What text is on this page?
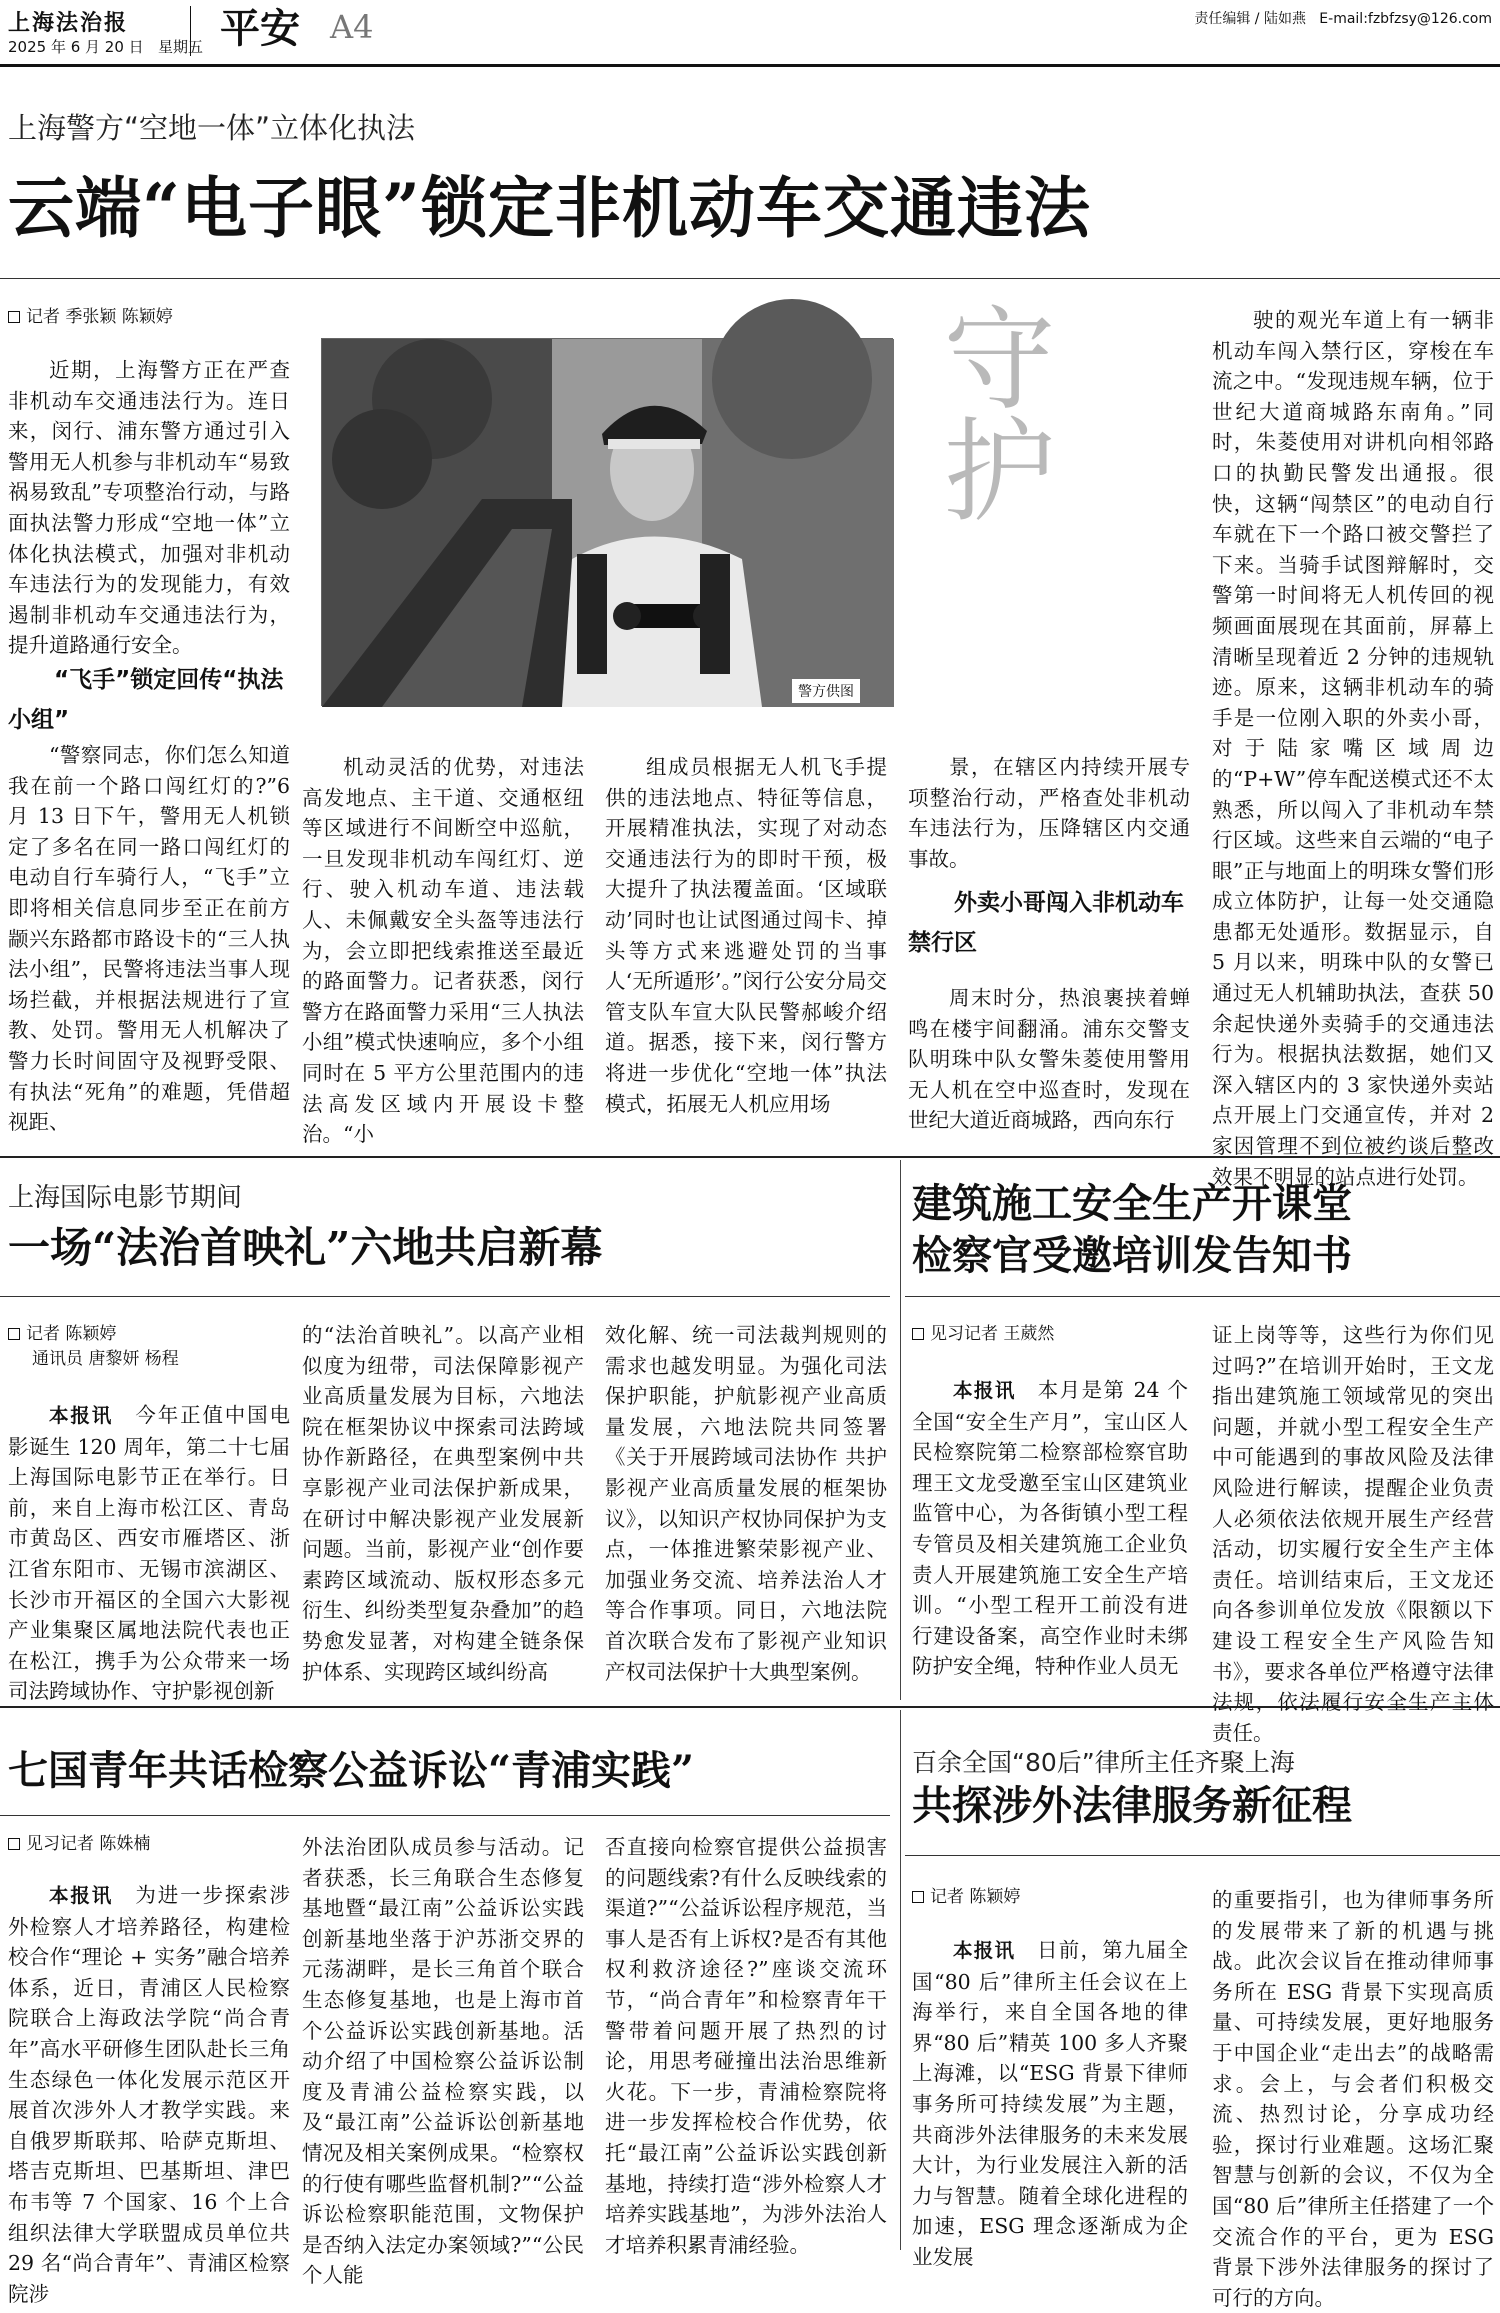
上海法治报
2025 年 6 月 20 日   星期五 平安 A4	责任编辑 / 陆如燕   E-mail:fzbfzsy@126.com
上海警方“空地一体”立体化执法
云端“电子眼”锁定非机动车交通违法
记者 季张颖 陈颖婷

近期，上海警方正在严查非机动车交通违法行为。连日来，闵行、浦东警方通过引入警用无人机参与非机动车“易致祸易致乱”专项整治行动，与路面执法警力形成“空地一体”立体化执法模式，加强对非机动车违法行为的发现能力，有效遏制非机动车交通违法行为，提升道路通行安全。

“飞手”锁定回传“执法小组”
警方供图
守护

“警察同志，你们怎么知道我在前一个路口闯红灯的?”6 月 13 日下午，警用无人机锁定了多名在同一路口闯红灯的电动自行车骑行人，“飞手”立即将相关信息同步至正在前方颛兴东路都市路设卡的“三人执法小组”，民警将违法当事人现场拦截，并根据法规进行了宣教、处罚。警用无人机解决了警力长时间固守及视野受限、有执法“死角”的难题，凭借超视距、

机动灵活的优势，对违法高发地点、主干道、交通枢纽等区域进行不间断空中巡航，一旦发现非机动车闯红灯、逆行、驶入机动车道、违法载人、未佩戴安全头盔等违法行为，会立即把线索推送至最近的路面警力。记者获悉，闵行警方在路面警力采用“三人执法小组”模式快速响应，多个小组同时在 5 平方公里范围内的违法高发区域内开展设卡整治。“小

组成员根据无人机飞手提供的违法地点、特征等信息，开展精准执法，实现了对动态交通违法行为的即时干预，极大提升了执法覆盖面。‘区域联动’同时也让试图通过闯卡、掉头等方式来逃避处罚的当事人‘无所遁形’。”闵行公安分局交管支队车宣大队民警郝峻介绍道。据悉，接下来，闵行警方将进一步优化“空地一体”执法模式，拓展无人机应用场

景，在辖区内持续开展专项整治行动，严格查处非机动车违法行为，压降辖区内交通事故。

外卖小哥闯入非机动车禁行区

周末时分，热浪裹挟着蝉鸣在楼宇间翻涌。浦东交警支队明珠中队女警朱菱使用警用无人机在空中巡查时，发现在世纪大道近商城路，西向东行

驶的观光车道上有一辆非机动车闯入禁行区，穿梭在车流之中。“发现违规车辆，位于世纪大道商城路东南角。”同时，朱菱使用对讲机向相邻路口的执勤民警发出通报。很快，这辆“闯禁区”的电动自行车就在下一个路口被交警拦了下来。当骑手试图辩解时，交警第一时间将无人机传回的视频画面展现在其面前，屏幕上清晰呈现着近 2 分钟的违规轨迹。原来，这辆非机动车的骑手是一位刚入职的外卖小哥，对于陆家嘴区域周边的“P+W”停车配送模式还不太熟悉，所以闯入了非机动车禁行区域。这些来自云端的“电子眼”正与地面上的明珠女警们形成立体防护，让每一处交通隐患都无处遁形。数据显示，自 5 月以来，明珠中队的女警已通过无人机辅助执法，查获 50 余起快递外卖骑手的交通违法行为。根据执法数据，她们又深入辖区内的 3 家快递外卖站点开展上门交通宣传，并对 2 家因管理不到位被约谈后整改效果不明显的站点进行处罚。

上海国际电影节期间
一场“法治首映礼”六地共启新幕
记者 陈颖婷
通讯员 唐黎妍 杨程

本报讯　 今年正值中国电影诞生 120 周年，第二十七届上海国际电影节正在举行。日前，来自上海市松江区、青岛市黄岛区、西安市雁塔区、浙江省东阳市、无锡市滨湖区、长沙市开福区的全国六大影视产业集聚区属地法院代表也正在松江，携手为公众带来一场司法跨域协作、守护影视创新

的“法治首映礼”。以高产业相似度为纽带，司法保障影视产业高质量发展为目标，六地法院在框架协议中探索司法跨域协作新路径，在典型案例中共享影视产业司法保护新成果，在研讨中解决影视产业发展新问题。当前，影视产业“创作要素跨区域流动、版权形态多元衍生、纠纷类型复杂叠加”的趋势愈发显著，对构建全链条保护体系、实现跨区域纠纷高

效化解、统一司法裁判规则的需求也越发明显。为强化司法保护职能，护航影视产业高质量发展，六地法院共同签署《关于开展跨域司法协作 共护影视产业高质量发展的框架协议》，以知识产权协同保护为支点，一体推进繁荣影视产业、加强业务交流、培养法治人才等合作事项。同日，六地法院首次联合发布了影视产业知识产权司法保护十大典型案例。

建筑施工安全生产开课堂
检察官受邀培训发告知书
见习记者 王葳然

本报讯　 本月是第 24 个全国“安全生产月”，宝山区人民检察院第二检察部检察官助理王文龙受邀至宝山区建筑业监管中心，为各街镇小型工程专管员及相关建筑施工企业负责人开展建筑施工安全生产培训。“小型工程开工前没有进行建设备案，高空作业时未绑防护安全绳，特种作业人员无

证上岗等等，这些行为你们见过吗?”在培训开始时，王文龙指出建筑施工领域常见的突出问题，并就小型工程安全生产中可能遇到的事故风险及法律风险进行解读，提醒企业负责人必须依法依规开展生产经营活动，切实履行安全生产主体责任。培训结束后，王文龙还向各参训单位发放《限额以下建设工程安全生产风险告知书》，要求各单位严格遵守法律法规，依法履行安全生产主体责任。

七国青年共话检察公益诉讼“青浦实践”
见习记者 陈姝楠

本报讯　 为进一步探索涉外检察人才培养路径，构建检校合作“理论 + 实务”融合培养体系，近日，青浦区人民检察院联合上海政法学院“尚合青年”高水平研修生团队赴长三角生态绿色一体化发展示范区开展首次涉外人才教学实践。来自俄罗斯联邦、哈萨克斯坦、塔吉克斯坦、巴基斯坦、津巴布韦等 7 个国家、16 个上合组织法律大学联盟成员单位共 29 名“尚合青年”、青浦区检察院涉

外法治团队成员参与活动。记者获悉，长三角联合生态修复基地暨“最江南”公益诉讼实践创新基地坐落于沪苏浙交界的元荡湖畔，是长三角首个联合生态修复基地，也是上海市首个公益诉讼实践创新基地。活动介绍了中国检察公益诉讼制度及青浦公益检察实践，以及“最江南”公益诉讼创新基地情况及相关案例成果。“检察权的行使有哪些监督机制?”“公益诉讼检察职能范围，文物保护是否纳入法定办案领域?”“公民个人能

否直接向检察官提供公益损害的问题线索?有什么反映线索的渠道?”“公益诉讼程序规范，当事人是否有上诉权?是否有其他权利救济途径?”座谈交流环节，“尚合青年”和检察青年干警带着问题开展了热烈的讨论，用思考碰撞出法治思维新火花。下一步，青浦检察院将进一步发挥检校合作优势，依托“最江南”公益诉讼实践创新基地，持续打造“涉外检察人才培养实践基地”，为涉外法治人才培养积累青浦经验。

百余全国“80后”律所主任齐聚上海
共探涉外法律服务新征程
记者 陈颖婷

本报讯　 日前，第九届全国“80 后”律所主任会议在上海举行，来自全国各地的律界“80 后”精英 100 多人齐聚上海滩，以“ESG 背景下律师事务所可持续发展”为主题，共商涉外法律服务的未来发展大计，为行业发展注入新的活力与智慧。随着全球化进程的加速，ESG 理念逐渐成为企业发展

的重要指引，也为律师事务所的发展带来了新的机遇与挑战。此次会议旨在推动律师事务所在 ESG 背景下实现高质量、可持续发展，更好地服务于中国企业“走出去”的战略需求。会上，与会者们积极交流、热烈讨论，分享成功经验，探讨行业难题。这场汇聚智慧与创新的会议，不仅为全国“80 后”律所主任搭建了一个交流合作的平台，更为 ESG 背景下涉外法律服务的探讨了可行的方向。
